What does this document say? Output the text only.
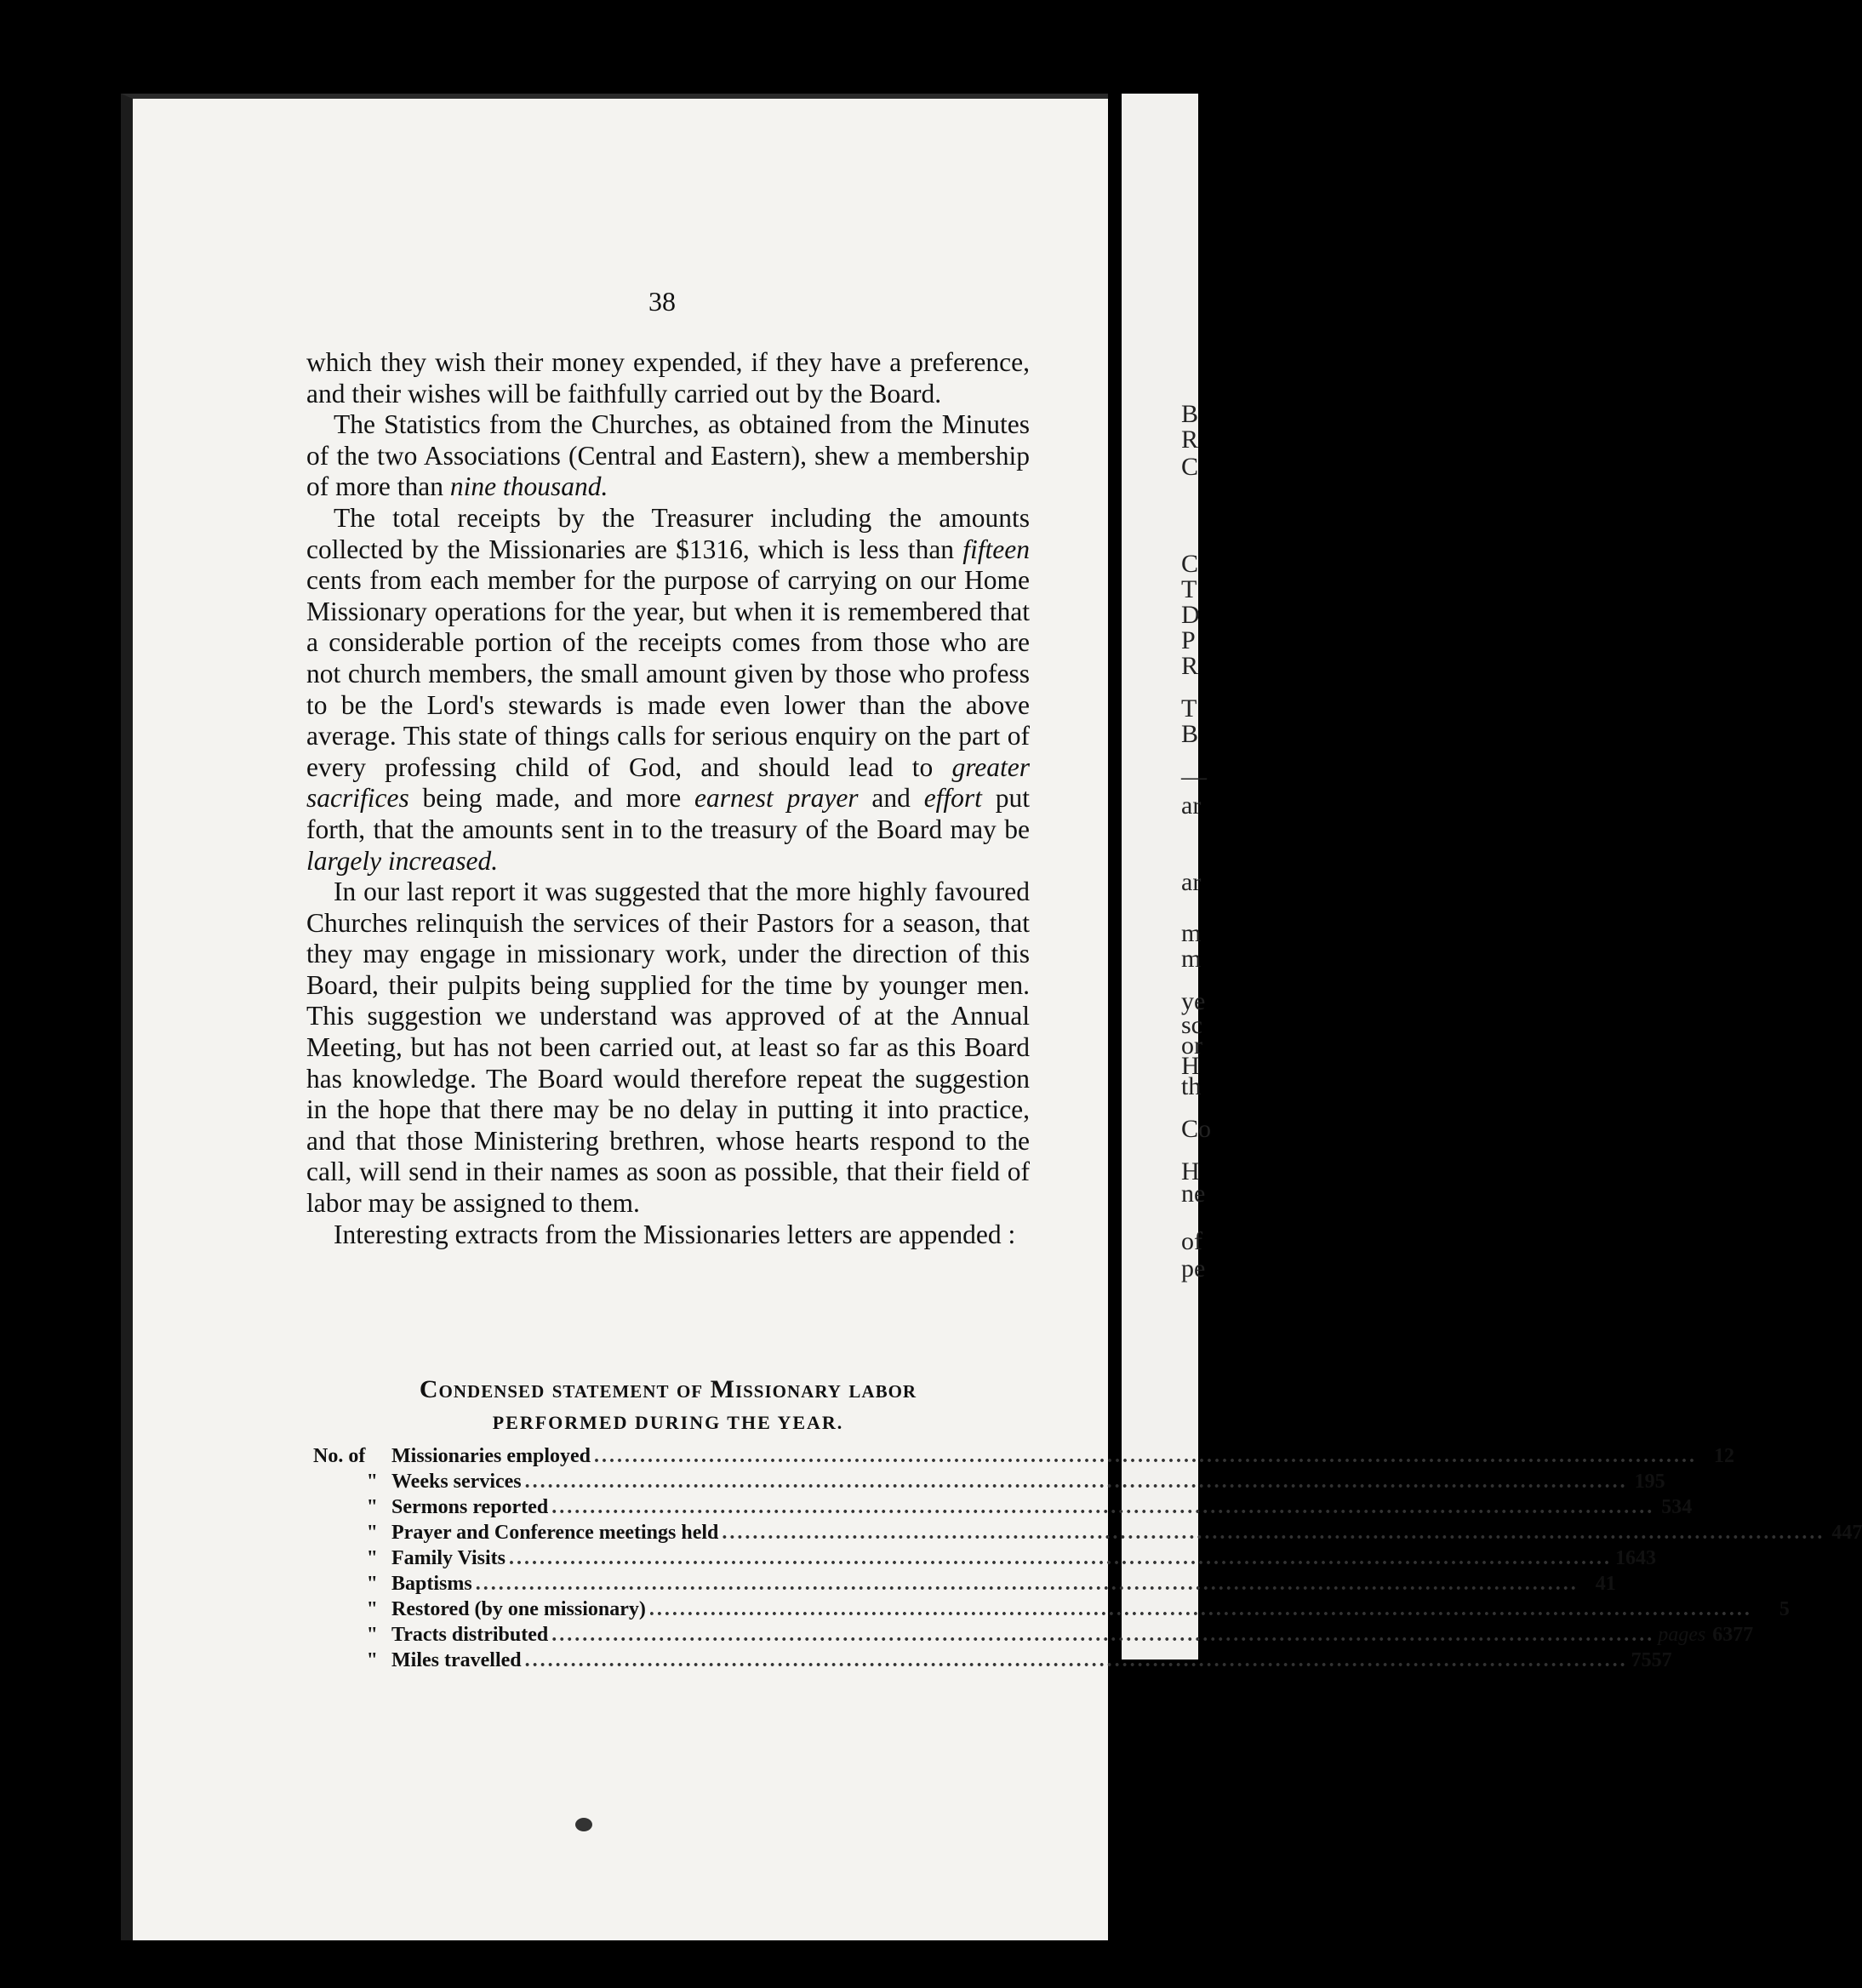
B
R
C
C
T
D
P
R
T
B
—
ar
ar
m
m
ye
sc
or
H
th
Co
H
ne
of
pe

38

which they wish their money expended, if they have a preference, and their wishes will be faithfully carried out by the Board.

The Statistics from the Churches, as obtained from the Minutes of the two Associations (Central and Eastern), shew a membership of more than nine thousand.

The total receipts by the Treasurer including the amounts collected by the Missionaries are $1316, which is less than fifteen cents from each member for the purpose of carrying on our Home Missionary operations for the year, but when it is remembered that a considerable portion of the receipts comes from those who are not church members, the small amount given by those who profess to be the Lord's stewards is made even lower than the above average. This state of things calls for serious enquiry on the part of every professing child of God, and should lead to greater sacrifices being made, and more earnest prayer and effort put forth, that the amounts sent in to the treasury of the Board may be largely increased.

In our last report it was suggested that the more highly favoured Churches relinquish the services of their Pastors for a season, that they may engage in missionary work, under the direction of this Board, their pulpits being supplied for the time by younger men. This suggestion we understand was approved of at the Annual Meeting, but has not been carried out, at least so far as this Board has knowledge. The Board would therefore repeat the suggestion in the hope that there may be no delay in putting it into practice, and that those Ministering brethren, whose hearts respond to the call, will send in their names as soon as possible, that their field of labor may be assigned to them.

Interesting extracts from the Missionaries letters are appended :

Condensed statement of Missionary labor
PERFORMED DURING THE YEAR.
No. of	Missionaries employed .....	12
" Weeks services .....	195
" Sermons reported .....	534
" Prayer and Conference meetings held .....	447
" Family Visits .....	1643
" Baptisms .....	41
" Restored (by one missionary) .....	5
" Tracts distributed .....	pages 6377
" Miles travelled .....	7557
